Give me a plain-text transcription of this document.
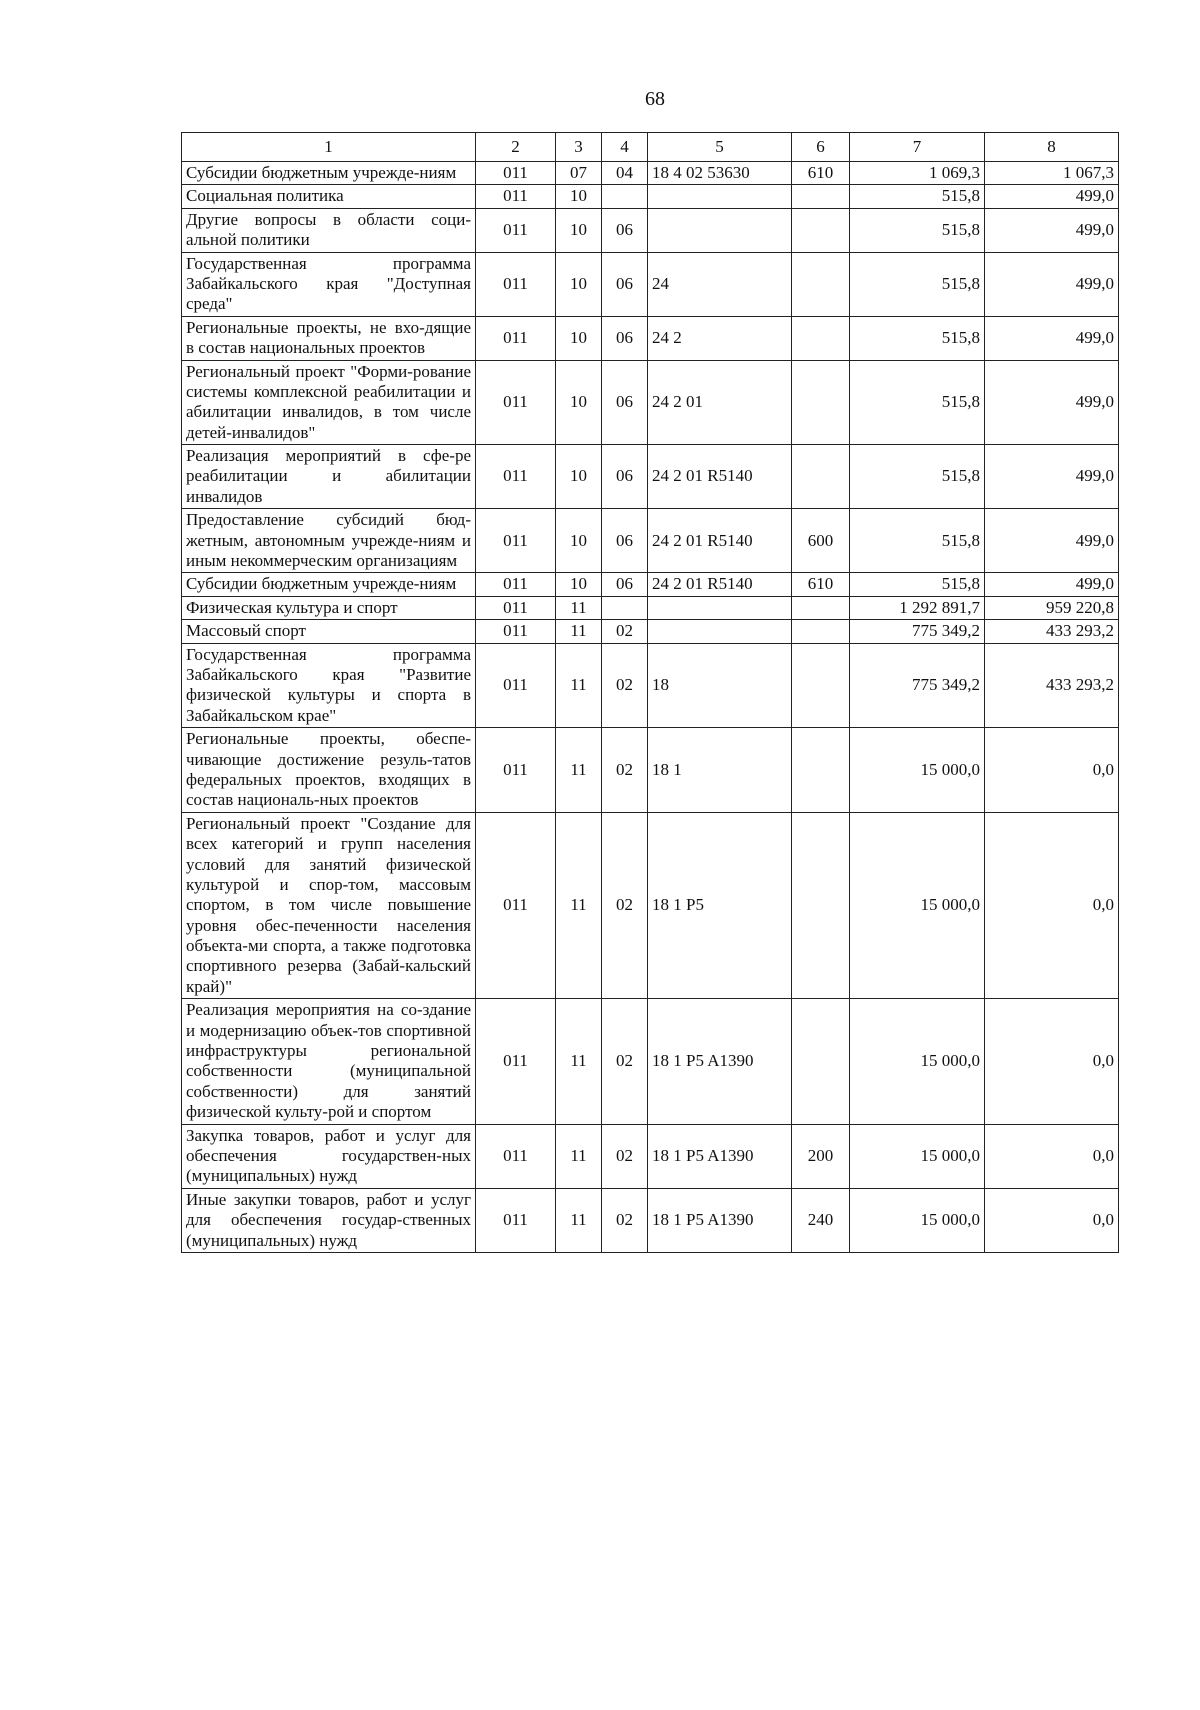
68
1	2	3	4	5	6	7	8
Субсидии бюджетным учрежде-ниям	011	07	04	18 4 02 53630	610	1 069,3	1 067,3
Социальная политика	011	10				515,8	499,0
Другие вопросы в области соци-альной политики	011	10	06			515,8	499,0
Государственная программа Забайкальского края "Доступная среда"	011	10	06	24		515,8	499,0
Региональные проекты, не вхо-дящие в состав национальных проектов	011	10	06	24 2		515,8	499,0
Региональный проект "Форми-рование системы комплексной реабилитации и абилитации инвалидов, в том числе детей-инвалидов"	011	10	06	24 2 01		515,8	499,0
Реализация мероприятий в сфе-ре реабилитации и абилитации инвалидов	011	10	06	24 2 01 R5140		515,8	499,0
Предоставление субсидий бюд-жетным, автономным учрежде-ниям и иным некоммерческим организациям	011	10	06	24 2 01 R5140	600	515,8	499,0
Субсидии бюджетным учрежде-ниям	011	10	06	24 2 01 R5140	610	515,8	499,0
Физическая культура и спорт	011	11				1 292 891,7	959 220,8
Массовый спорт	011	11	02			775 349,2	433 293,2
Государственная программа Забайкальского края "Развитие физической культуры и спорта в Забайкальском крае"	011	11	02	18		775 349,2	433 293,2
Региональные проекты, обеспе-чивающие достижение резуль-татов федеральных проектов, входящих в состав националь-ных проектов	011	11	02	18 1		15 000,0	0,0
Региональный проект "Создание для всех категорий и групп населения условий для занятий физической культурой и спор-том, массовым спортом, в том числе повышение уровня обес-печенности населения объекта-ми спорта, а также подготовка спортивного резерва (Забай-кальский край)"	011	11	02	18 1 P5		15 000,0	0,0
Реализация мероприятия на со-здание и модернизацию объек-тов спортивной инфраструктуры региональной собственности (муниципальной собственности) для занятий физической культу-рой и спортом	011	11	02	18 1 P5 A1390		15 000,0	0,0
Закупка товаров, работ и услуг для обеспечения государствен-ных (муниципальных) нужд	011	11	02	18 1 P5 A1390	200	15 000,0	0,0
Иные закупки товаров, работ и услуг для обеспечения государ-ственных (муниципальных) нужд	011	11	02	18 1 P5 A1390	240	15 000,0	0,0
